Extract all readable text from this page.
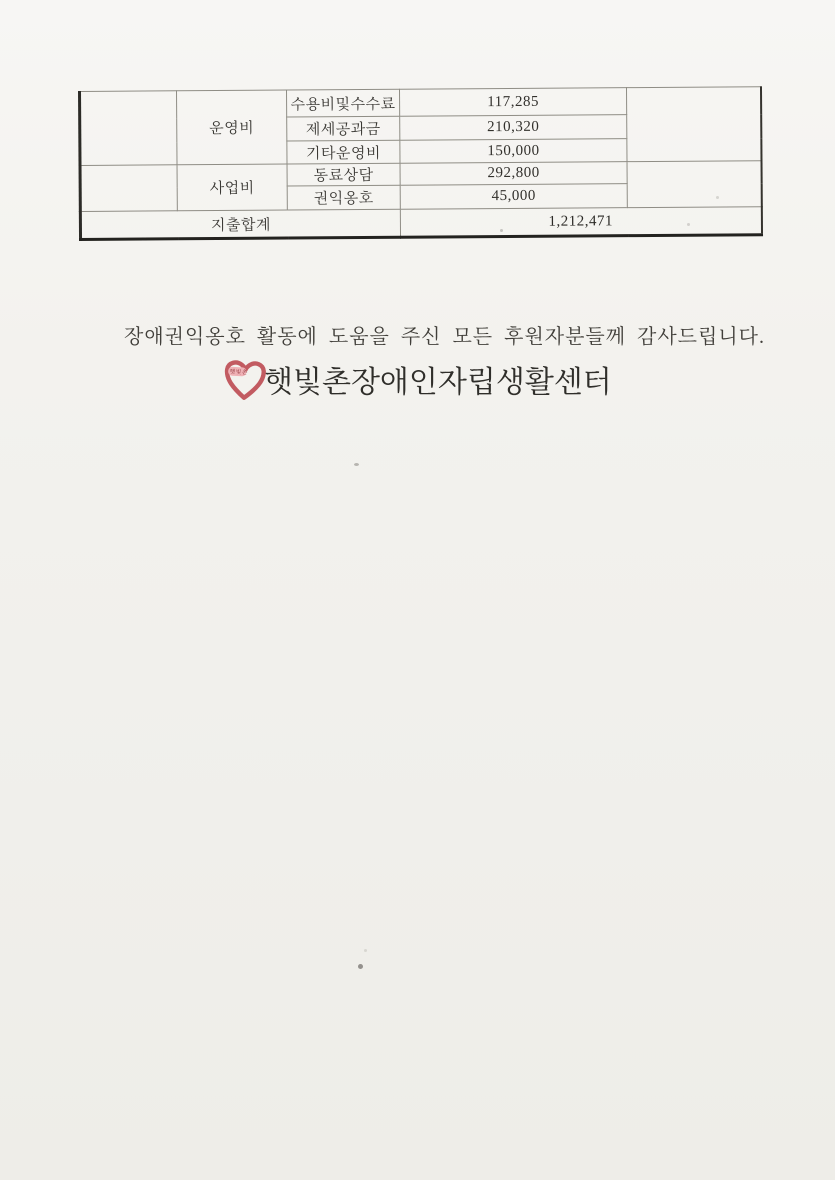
	운영비	수용비및수수료	117,285	
		제세공과금	210,320	
		기타운영비	150,000	
	사업비	동료상담	292,800	
		권익옹호	45,000	
지출합계			1,212,471	
장애권익옹호 활동에 도움을 주신 모든 후원자분들께 감사드립니다.
햇빛촌 햇빛촌장애인자립생활센터
